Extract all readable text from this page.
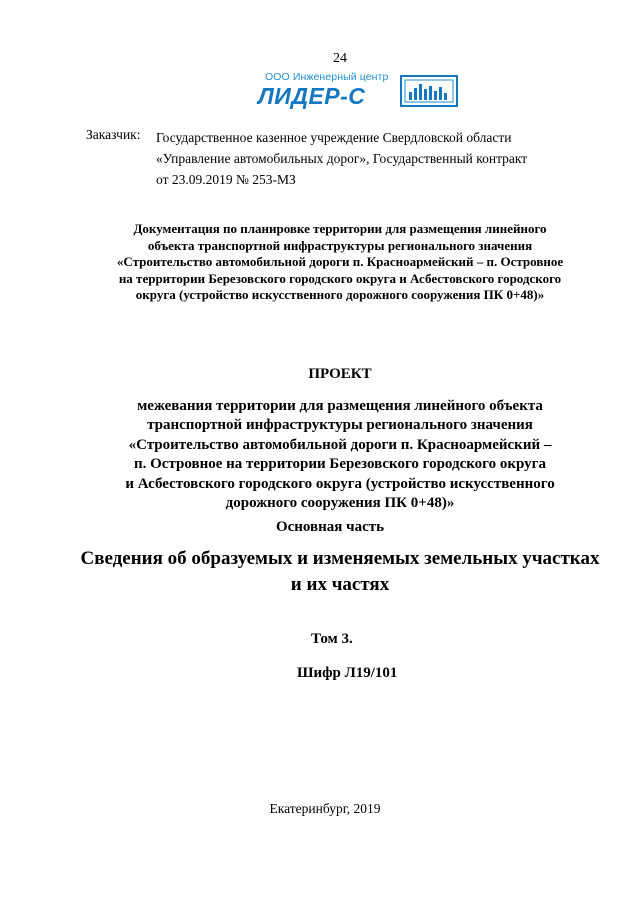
24
ООО Инженерный центр
ЛИДЕР-С
Заказчик: Государственное казенное учреждение Свердловской области
«Управление автомобильных дорог», Государственный контракт
от 23.09.2019 № 253-МЗ
Документация по планировке территории для размещения линейного
объекта транспортной инфраструктуры регионального значения
«Строительство автомобильной дороги п. Красноармейский – п. Островное
на территории Березовского городского округа и Асбестовского городского
округа (устройство искусственного дорожного сооружения ПК 0+48)»
ПРОЕКТ
межевания территории для размещения линейного объекта
транспортной инфраструктуры регионального значения
«Строительство автомобильной дороги п. Красноармейский –
п. Островное на территории Березовского городского округа
и Асбестовского городского округа (устройство искусственного
дорожного сооружения ПК 0+48)»
Основная часть
Сведения об образуемых и изменяемых земельных участках
и их частях
Том 3.
Шифр Л19/101
Екатеринбург, 2019
